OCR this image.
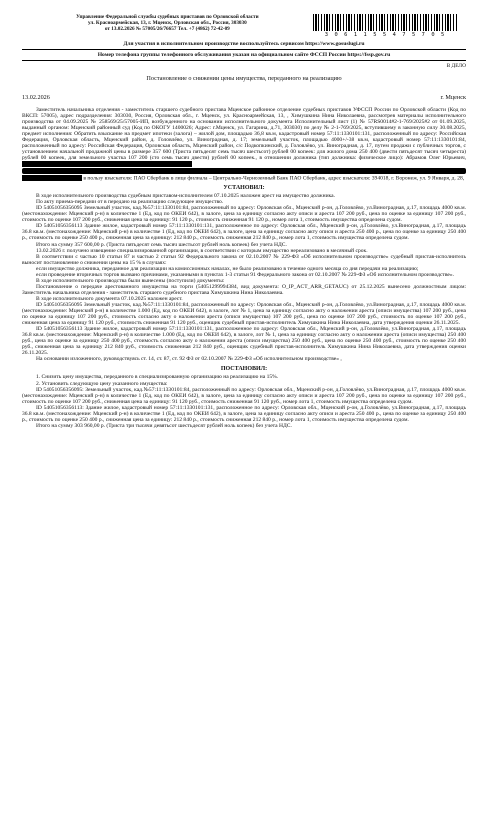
Управление Федеральной службы судебных приставов по Орловской области
ул. Красноармейская, 13, г. Мценск, Орловская обл., Россия, 303030
от 13.02.2026 № 57005/26/76657 Тел. +7 (4862) 72-42-09
3 0 6 1 1 5 5 4 7 5 7 0 5
Для участия в исполнительном производстве воспользуйтесь сервисом https://www.gosuslugi.ru
Номер телефона группы телефонного обслуживания указан на официальном сайте ФССП России https://fssp.gov.ru
В ДЕЛО
Постановление о снижении цены имущества, переданного на реализацию
13.02.2026	г. Мценск

Заместитель начальника отделения - заместитель старшего судебного пристава Мценское районное отделение судебных приставов УФССП России по Орловской области (Код по ВКСП: 57005), адрес подразделения: 303030, Россия, Орловская обл., г. Мценск, ул. Красноармейская, 13, , Химушкина Нина Николаевна, рассмотрев материалы исполнительного производства от 04.09.2025 № 258569/25/57005-ИП, возбужденного на основании исполнительного документа Исполнительный лист (1) № 57RS0014#2-1-769/2025#2 от 01.09.2025, выданный органом: Мценский районный суд (Код по ОКОГУ 1400026; Адрес: г.Мценск, ул. Гагарина, д.71, 303030) по делу № 2-1-769/2025, вступившему в законную силу 30.08.2025, предмет исполнения: Обратить взыскание на предмет ипотеки (залога) – жилой дом, площадью 36,8 кв.м, кадастровый номер 57:11:1330101:131, расположенный по адресу: Российская Федерация, Орловская область, Мценский район, д. Головлёво, ул. Виноградная, д. 17; земельный участок, площадью 4000+/-38 кв.м, кадастровый номер 57:11:1330101:84, расположенный по адресу: Российская Федерация, Орловская область, Мценский район, с/с Подкопкинский, д. Головлёво, ул. Виноградная, д. 17, путем продажи с публичных торгов, с установлением начальной продажной цены в размере 357 600 (Триста пятьдесят семь тысяч шестьсот) рублей 00 копеек: для жилого дома 250 400 (двести пятьдесят тысяч четыреста) рублей 00 копеек, для земельного участка 107 200 (сто семь тысяч двести) рублей 00 копеек., в отношении должника (тип должника: физическое лицо): Абрамов Олег Юрьевич,

в пользу взыскателя: ПАО Сбербанк в лице филиала – Центрально-Черноземный Банк ПАО Сбербанк, адрес взыскателя: 394018, г. Воронеж, ул. 9 Января, д. 28,

УСТАНОВИЛ:

В ходе исполнительного производства судебным приставом-исполнителем 07.10.2025 наложен арест на имущество должника.

По акту приема-передачи от в передано на реализацию следующее имущество.

ID 54051056356095 Земельный участок, кад.№57:11:1330101:84, расположенный по адресу: Орловская обл., Мценский р-он, д.Головлёво, ул.Виноградная, д.17, площадь 4000 кв.м. (местонахождение: Мценский р-н) в количестве 1 (Ед, код по ОКЕИ 642), в залоге, цена за единицу согласно акту описи и ареста 107 200 руб., цена по оценке за единицу 107 200 руб., стоимость по оценке 107 200 руб., сниженная цена за единицу: 91 120 р., стоимость сниженная 91 120 р., номер лота 1, стоимость имущества определена судом.

ID 54051056356113 Здание жилое, кадастровый номер 57:11:1330101:131, расположенное по адресу: Орловская обл., Мценский р-он, д.Головлёво, ул.Виноградная, д.17, площадь 36.8 кв.м. (местонахождение: Мценский р-н) в количестве 1 (Ед, код по ОКЕИ 642), в залоге, цена за единицу согласно акту описи и ареста 250 400 р., цена по оценке за единицу 250 400 р., стоимость по оценке 250 400 р., сниженная цена за единицу: 212 840 р., стоимость сниженная 212 840 р., номер лота 1, стоимость имущества определена судом.

Итого на сумму 357 600,00 р. (Триста пятьдесят семь тысяч шестьсот рублей ноль копеек) без учета НДС.

13.02.2026 г. получено извещение специализированной организации, в соответствии с которым имущество нереализовано в месячный срок.

В соответствии с частью 10 статьи 87 и частью 2 статьи 92 Федерального закона от 02.10.2007 № 229-ФЗ «Об исполнительном производстве» судебный пристав-исполнитель выносит постановление о снижении цены на 15 % в случаях:

если имущество должника, переданное для реализации на комиссионных началах, не было реализовано в течение одного месяца со дня передачи на реализацию;

если проведение вторичных торгов вызвано причинами, указанными в пунктах 1-3 статьи 91 Федерального закона от 02.10.2007 № 229-ФЗ «Об исполнительном производстве».

В ходе исполнительного производства были вынесены (поступили) документы:

Постановление о передаче арестованного имущества на торги (54051299994384, вид документа: O_IP_ACT_ARR_GETAUC) от 25.12.2025 вынесено должностным лицом: Заместитель начальника отделения - заместитель старшего судебного пристава Химушкина Нина Николаевна.

В ходе исполнительного документа 07.10.2025 наложен арест.

ID 54051056356095 Земельный участок, кад.№57:11:1330101:84, расположенный по адресу: Орловская обл., Мценский р-он, д.Головлёво, ул.Виноградная, д.17, площадь 4000 кв.м. (местонахождение: Мценский р-н) в количестве 1.000 (Ед, код по ОКЕИ 642), в залоге, лот № 1, цена за единицу согласно акту о наложении ареста (описи имущества) 107 200 руб., цена по оценке за единицу 107 200 руб., стоимость согласно акту о наложении ареста (описи имущества) 107 200 руб., цена по оценке 107 200 руб., стоимость по оценке 107 200 руб., сниженная цена за единицу 91 120 руб., стоимость сниженная 91 120 руб., оценщик судебный пристав-исполнитель Химушкина Нина Николаевна, дата утверждения оценки 26.11.2025.

ID 54051056356113 Здание жилое, кадастровый номер 57:11:1330101:131, расположенное по адресу: Орловская обл., Мценский р-он, д.Головлёво, ул.Виноградная, д.17, площадь 36.8 кв.м. (местонахождение: Мценский р-н) в количестве 1.000 (Ед, код по ОКЕИ 642), в залоге, лот № 1, цена за единицу согласно акту о наложении ареста (описи имущества) 250 400 руб., цена по оценке за единицу 250 400 руб., стоимость согласно акту о наложении ареста (описи имущества) 250 400 руб., цена по оценке 250 400 руб., стоимость по оценке 250 400 руб., сниженная цена за единицу 212 840 руб., стоимость сниженная 212 840 руб., оценщик судебный пристав-исполнитель Химушкина Нина Николаевна, дата утверждения оценки 26.11.2025.

На основании изложенного, руководствуясь ст. 14, ст. 87, ст. 92 ФЗ от 02.10.2007 № 229-ФЗ «Об исполнительном производстве» ,

ПОСТАНОВИЛ:

1. Снизить цену имущества, переданного в специализированную организацию на реализацию на 15%.

2. Установить следующую цену указанного имущества:

ID 54051056356095: Земельный участок, кад.№57:11:1330101:84, расположенный по адресу: Орловская обл., Мценский р-он, д.Головлёво, ул.Виноградная, д.17, площадь 4000 кв.м. (местонахождение: Мценский р-н) в количестве 1 (Ед, код по ОКЕИ 642), в залоге, цена за единицу согласно акту описи и ареста 107 200 руб., цена по оценке за единицу 107 200 руб., стоимость по оценке 107 200 руб., сниженная цена за единицу: 91 120 руб., стоимость сниженная 91 120 руб., номер лота 1, стоимость имущества определена судом.

ID 54051056356113: Здание жилое, кадастровый номер 57:11:1330101:131, расположенное по адресу: Орловская обл., Мценский р-он, д.Головлёво, ул.Виноградная, д.17, площадь 36.8 кв.м. (местонахождение: Мценский р-н) в количестве 1 (Ед, код по ОКЕИ 642), в залоге, цена за единицу согласно акту описи и ареста 250 400 р., цена по оценке за единицу 250 400 р., стоимость по оценке 250 400 р., сниженная цена за единицу: 212 840 р., стоимость сниженная 212 840 р., номер лота 1, стоимость имущества определена судом.

Итого на сумму 303 960,00 р. (Триста три тысячи девятьсот шестьдесят рублей ноль копеек) без учета НДС.
